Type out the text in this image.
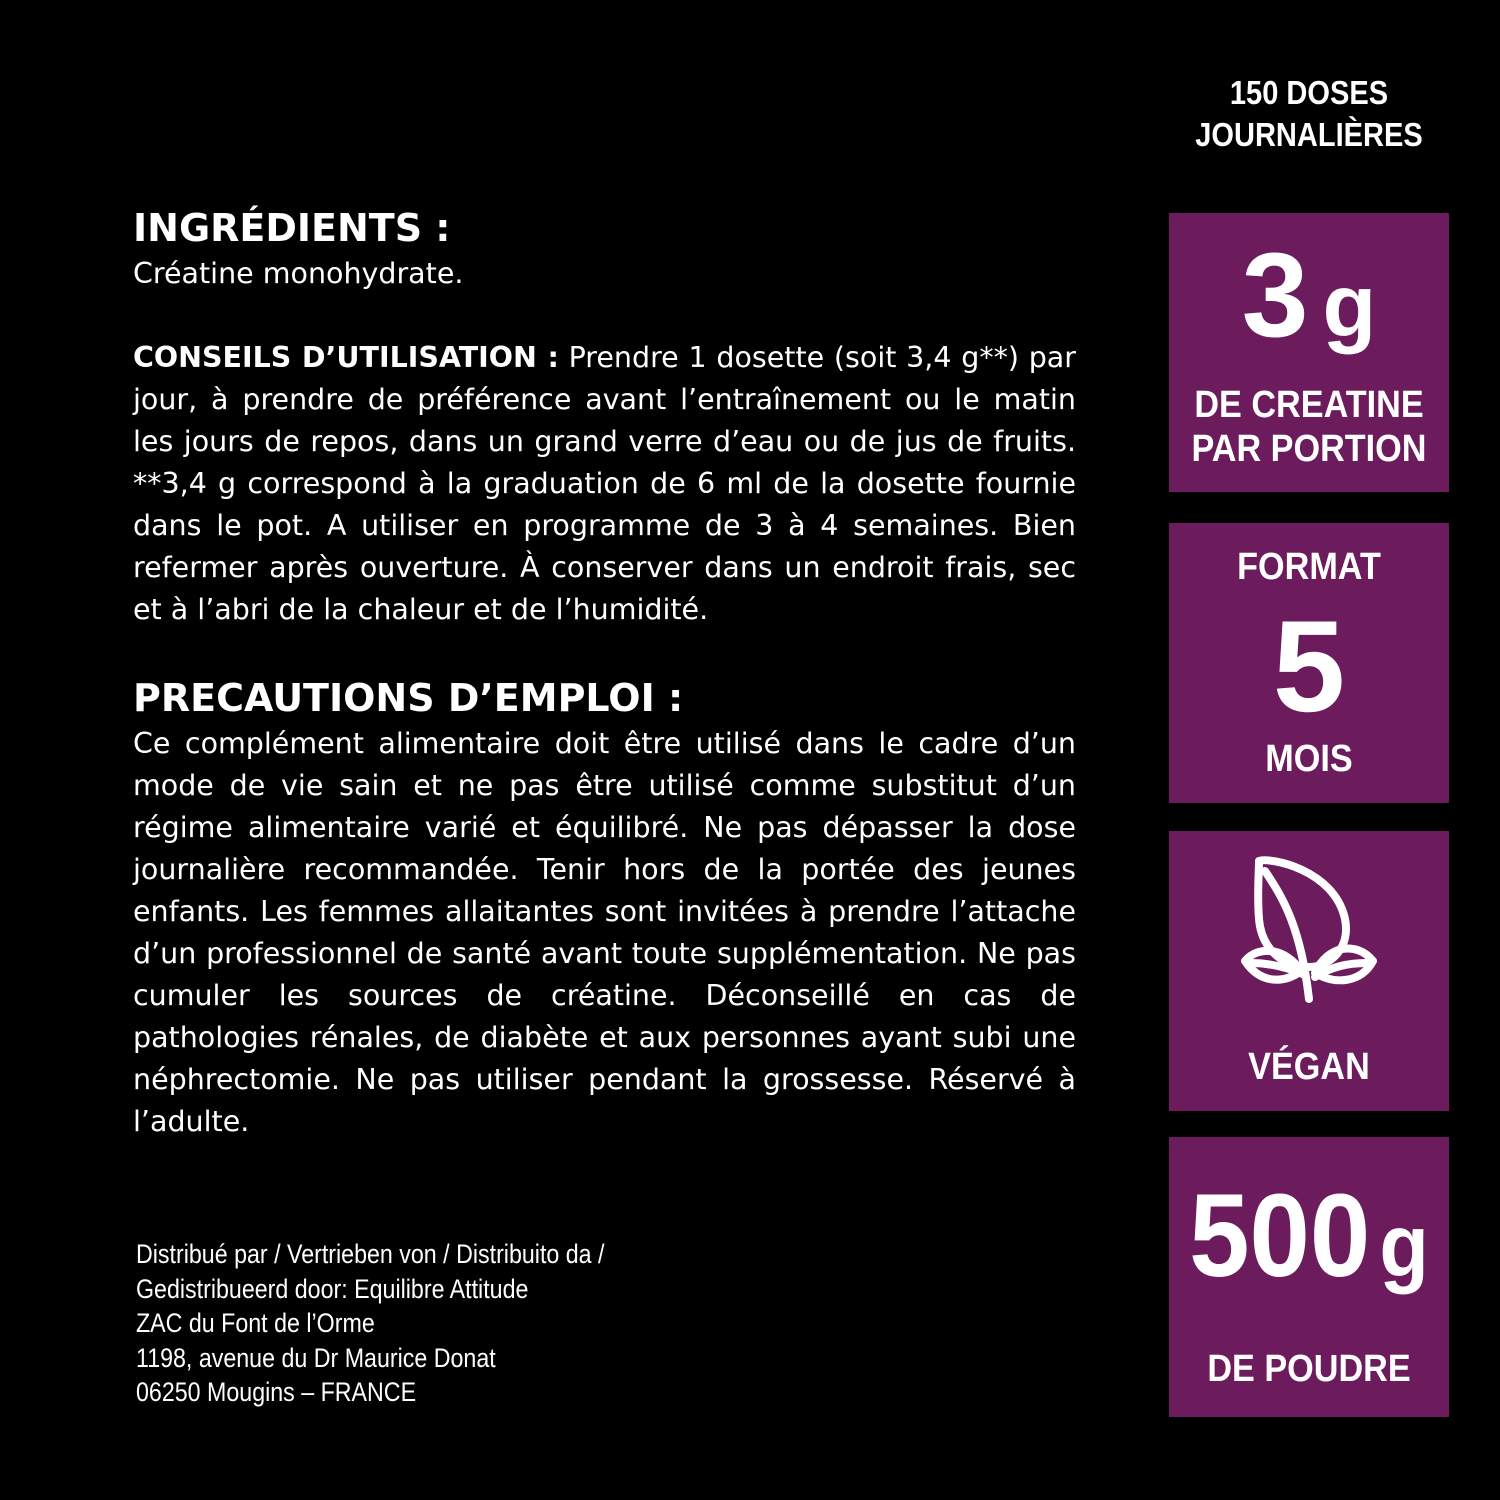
INGRÉDIENTS :
Créatine monohydrate.
CONSEILS D’UTILISATION : Prendre 1 dosette (soit 3,4 g**) par jour, à prendre de préférence avant l’entraînement ou le matin les jours de repos, dans un grand verre d’eau ou de jus de fruits. **3,4 g correspond à la graduation de 6 ml de la dosette fournie dans le pot. A utiliser en programme de 3 à 4 semaines. Bien refermer après ouverture. À conserver dans un endroit frais, sec et à l’abri de la chaleur et de l’humidité.
PRECAUTIONS D’EMPLOI :
Ce complément alimentaire doit être utilisé dans le cadre d’un mode de vie sain et ne pas être utilisé comme substitut d’un régime alimentaire varié et équilibré. Ne pas dépasser la dose journalière recommandée. Tenir hors de la portée des jeunes enfants. Les femmes allaitantes sont invitées à prendre l’attache d’un professionnel de santé avant toute supplémentation. Ne pas cumuler les sources de créatine. Déconseillé en cas de pathologies rénales, de diabète et aux personnes ayant subi une néphrectomie. Ne pas utiliser pendant la grossesse. Réservé à l’adulte.
Distribué par / Vertrieben von / Distribuito da /
Gedistribueerd door: Equilibre Attitude
ZAC du Font de l’Orme
1198, avenue du Dr Maurice Donat
06250 Mougins – FRANCE
150 DOSES
JOURNALIÈRES
3 g
DE CREATINE
PAR PORTION
FORMAT
5
MOIS
VÉGAN
500 g
DE POUDRE
